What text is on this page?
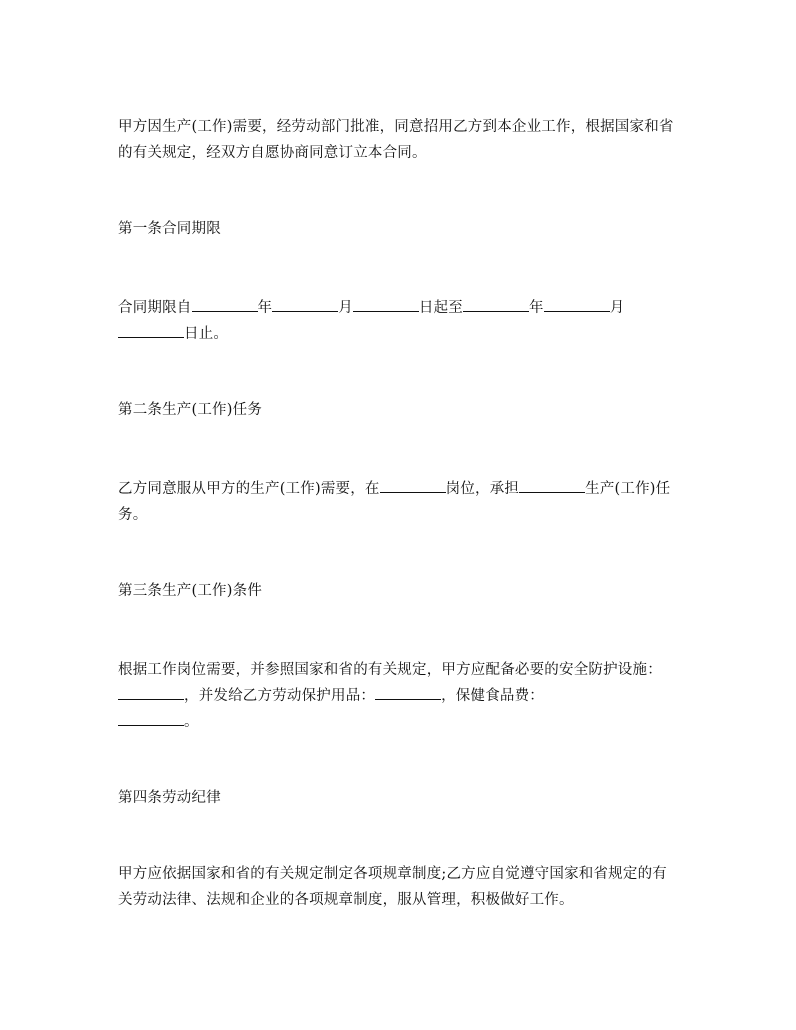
甲方因生产(工作)需要，经劳动部门批准，同意招用乙方到本企业工作，根据国家和省的有关规定，经双方自愿协商同意订立本合同。

第一条合同期限

合同期限自	年	月	日起至	年	月
日止。

第二条生产(工作)任务

乙方同意服从甲方的生产(工作)需要，在	岗位，承担	生产(工作)任务。

第三条生产(工作)条件

根据工作岗位需要，并参照国家和省的有关规定，甲方应配备必要的安全防护设施：，并发给乙方劳动保护用品：	，保健食品费：
。

第四条劳动纪律

甲方应依据国家和省的有关规定制定各项规章制度;乙方应自觉遵守国家和省规定的有关劳动法律、法规和企业的各项规章制度，服从管理，积极做好工作。
